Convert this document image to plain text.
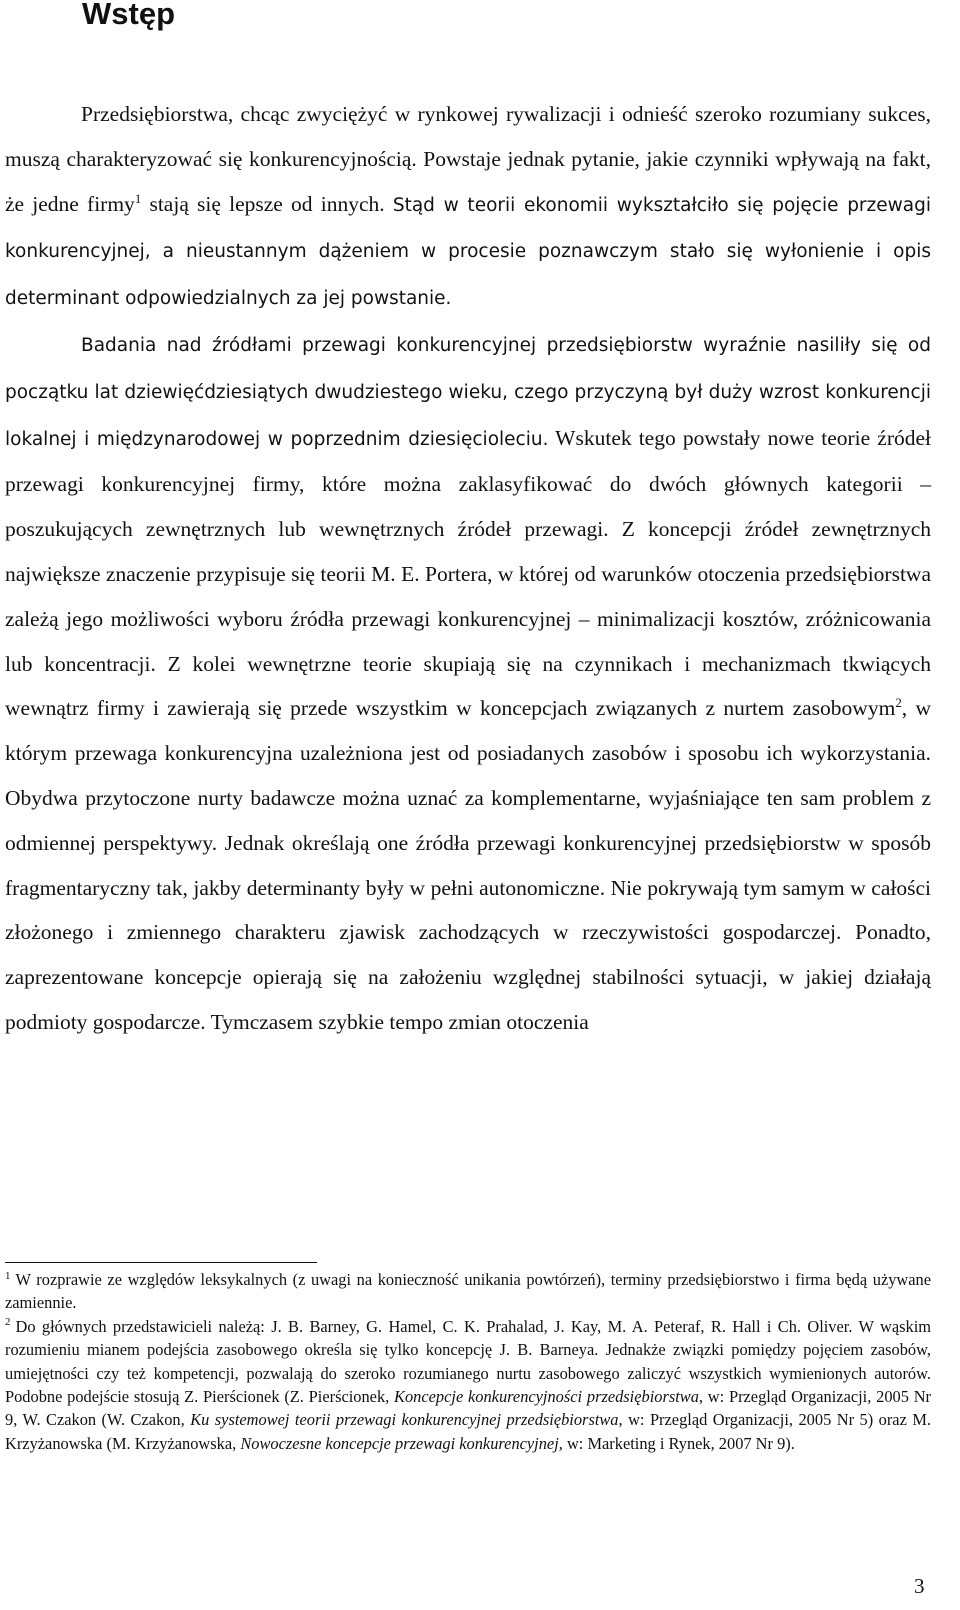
Wstęp

Przedsiębiorstwa, chcąc zwyciężyć w rynkowej rywalizacji i odnieść szeroko rozumiany sukces, muszą charakteryzować się konkurencyjnością. Powstaje jednak pytanie, jakie czynniki wpływają na fakt, że jedne firmy$^1$ stają się lepsze od innych. Stąd w teorii ekonomii wykształciło się pojęcie przewagi konkurencyjnej, a nieustannym dążeniem w procesie poznawczym stało się wyłonienie i opis determinant odpowiedzialnych za jej powstanie.

Badania nad źródłami przewagi konkurencyjnej przedsiębiorstw wyraźnie nasiliły się od początku lat dziewięćdziesiątych dwudziestego wieku, czego przyczyną był duży wzrost konkurencji lokalnej i międzynarodowej w poprzednim dziesięcioleciu. Wskutek tego powstały nowe teorie źródeł przewagi konkurencyjnej firmy, które można zaklasyfikować do dwóch głównych kategorii – poszukujących zewnętrznych lub wewnętrznych źródeł przewagi. Z koncepcji źródeł zewnętrznych największe znaczenie przypisuje się teorii M. E. Portera, w której od warunków otoczenia przedsiębiorstwa zależą jego możliwości wyboru źródła przewagi konkurencyjnej – minimalizacji kosztów, zróżnicowania lub koncentracji. Z kolei wewnętrzne teorie skupiają się na czynnikach i mechanizmach tkwiących wewnątrz firmy i zawierają się przede wszystkim w koncepcjach związanych z nurtem zasobowym$^2$, w którym przewaga konkurencyjna uzależniona jest od posiadanych zasobów i sposobu ich wykorzystania. Obydwa przytoczone nurty badawcze można uznać za komplementarne, wyjaśniające ten sam problem z odmiennej perspektywy. Jednak określają one źródła przewagi konkurencyjnej przedsiębiorstw w sposób fragmentaryczny tak, jakby determinanty były w pełni autonomiczne. Nie pokrywają tym samym w całości złożonego i zmiennego charakteru zjawisk zachodzących w rzeczywistości gospodarczej. Ponadto, zaprezentowane koncepcje opierają się na założeniu względnej stabilności sytuacji, w jakiej działają podmioty gospodarcze. Tymczasem szybkie tempo zmian otoczenia

$^1$ W rozprawie ze względów leksykalnych (z uwagi na konieczność unikania powtórzeń), terminy przedsiębiorstwo i firma będą używane zamiennie.

$^2$ Do głównych przedstawicieli należą: J. B. Barney, G. Hamel, C. K. Prahalad, J. Kay, M. A. Peteraf, R. Hall i Ch. Oliver. W wąskim rozumieniu mianem podejścia zasobowego określa się tylko koncepcję J. B. Barneya. Jednakże związki pomiędzy pojęciem zasobów, umiejętności czy też kompetencji, pozwalają do szeroko rozumianego nurtu zasobowego zaliczyć wszystkich wymienionych autorów. Podobne podejście stosują Z. Pierścionek (Z. Pierścionek, Koncepcje konkurencyjności przedsiębiorstwa, w: Przegląd Organizacji, 2005 Nr 9, W. Czakon (W. Czakon, Ku systemowej teorii przewagi konkurencyjnej przedsiębiorstwa, w: Przegląd Organizacji, 2005 Nr 5) oraz M. Krzyżanowska (M. Krzyżanowska, Nowoczesne koncepcje przewagi konkurencyjnej, w: Marketing i Rynek, 2007 Nr 9).

3
